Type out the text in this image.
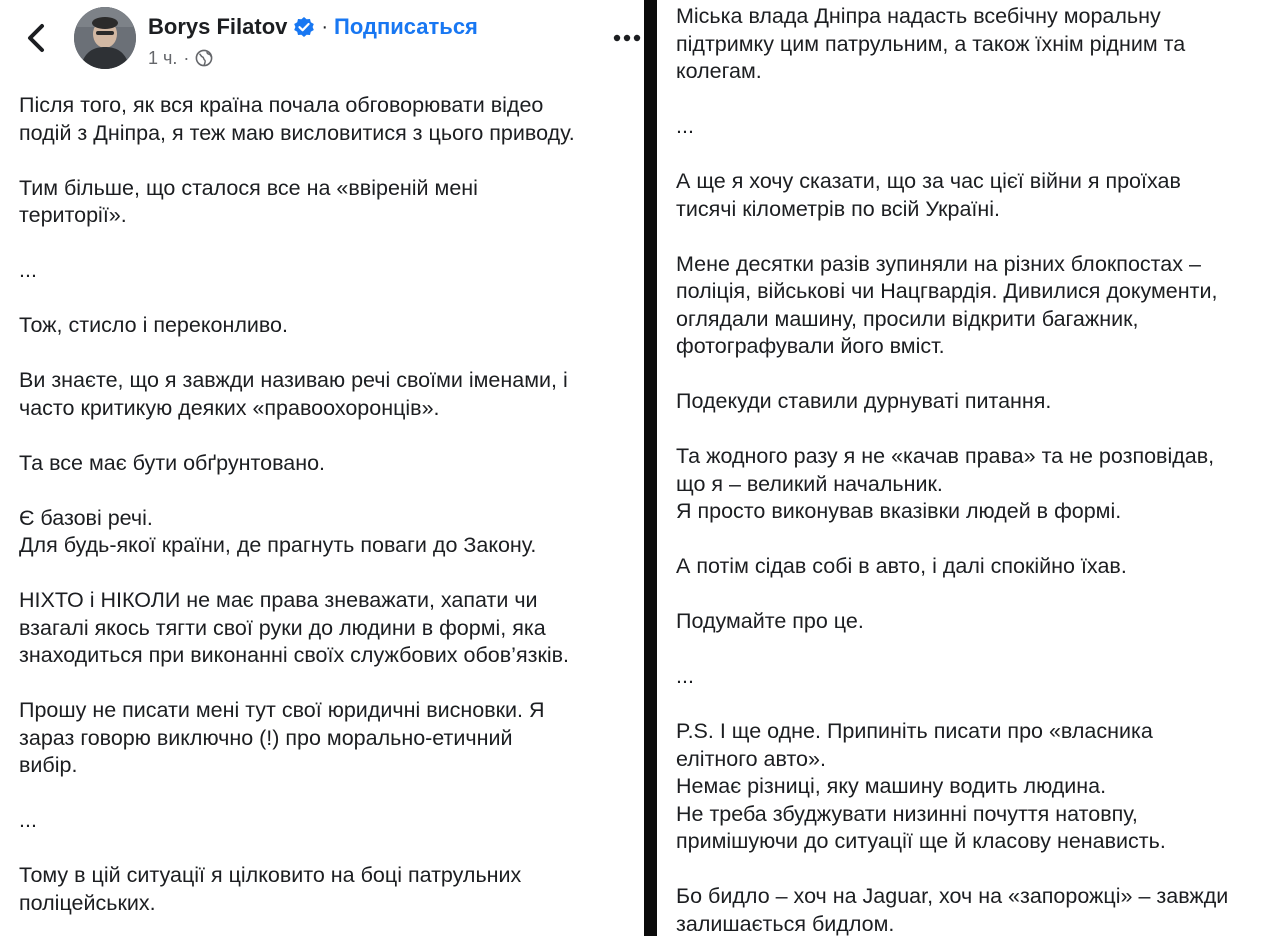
Borys Filatov · Подписаться
1 ч. ·
Після того, як вся країна почала обговорювати відео
подій з Дніпра, я теж маю висловитися з цього приводу.
Тим більше, що сталося все на «ввіреній мені
території».
...
Тож, стисло і переконливо.
Ви знаєте, що я завжди називаю речі своїми іменами, і
часто критикую деяких «правоохоронців».
Та все має бути обґрунтовано.
Є базові речі.
Для будь-якої країни, де прагнуть поваги до Закону.
НІХТО і НІКОЛИ не має права зневажати, хапати чи
взагалі якось тягти свої руки до людини в формі, яка
знаходиться при виконанні своїх службових обов’язків.
Прошу не писати мені тут свої юридичні висновки. Я
зараз говорю виключно (!) про морально-етичний
вибір.
...
Тому в цій ситуації я цілковито на боці патрульних
поліцейських.
Міська влада Дніпра надасть всебічну моральну
підтримку цим патрульним, а також їхнім рідним та
колегам.
...
А ще я хочу сказати, що за час цієї війни я проїхав
тисячі кілометрів по всій Україні.
Мене десятки разів зупиняли на різних блокпостах –
поліція, військові чи Нацгвардія. Дивилися документи,
оглядали машину, просили відкрити багажник,
фотографували його вміст.
Подекуди ставили дурнуваті питання.
Та жодного разу я не «качав права» та не розповідав,
що я – великий начальник.
Я просто виконував вказівки людей в формі.
А потім сідав собі в авто, і далі спокійно їхав.
Подумайте про це.
...
P.S. І ще одне. Припиніть писати про «власника
елітного авто».
Немає різниці, яку машину водить людина.
Не треба збуджувати низинні почуття натовпу,
примішуючи до ситуації ще й класову ненависть.
Бо бидло – хоч на Jaguar, хоч на «запорожці» – завжди
залишається бидлом.
